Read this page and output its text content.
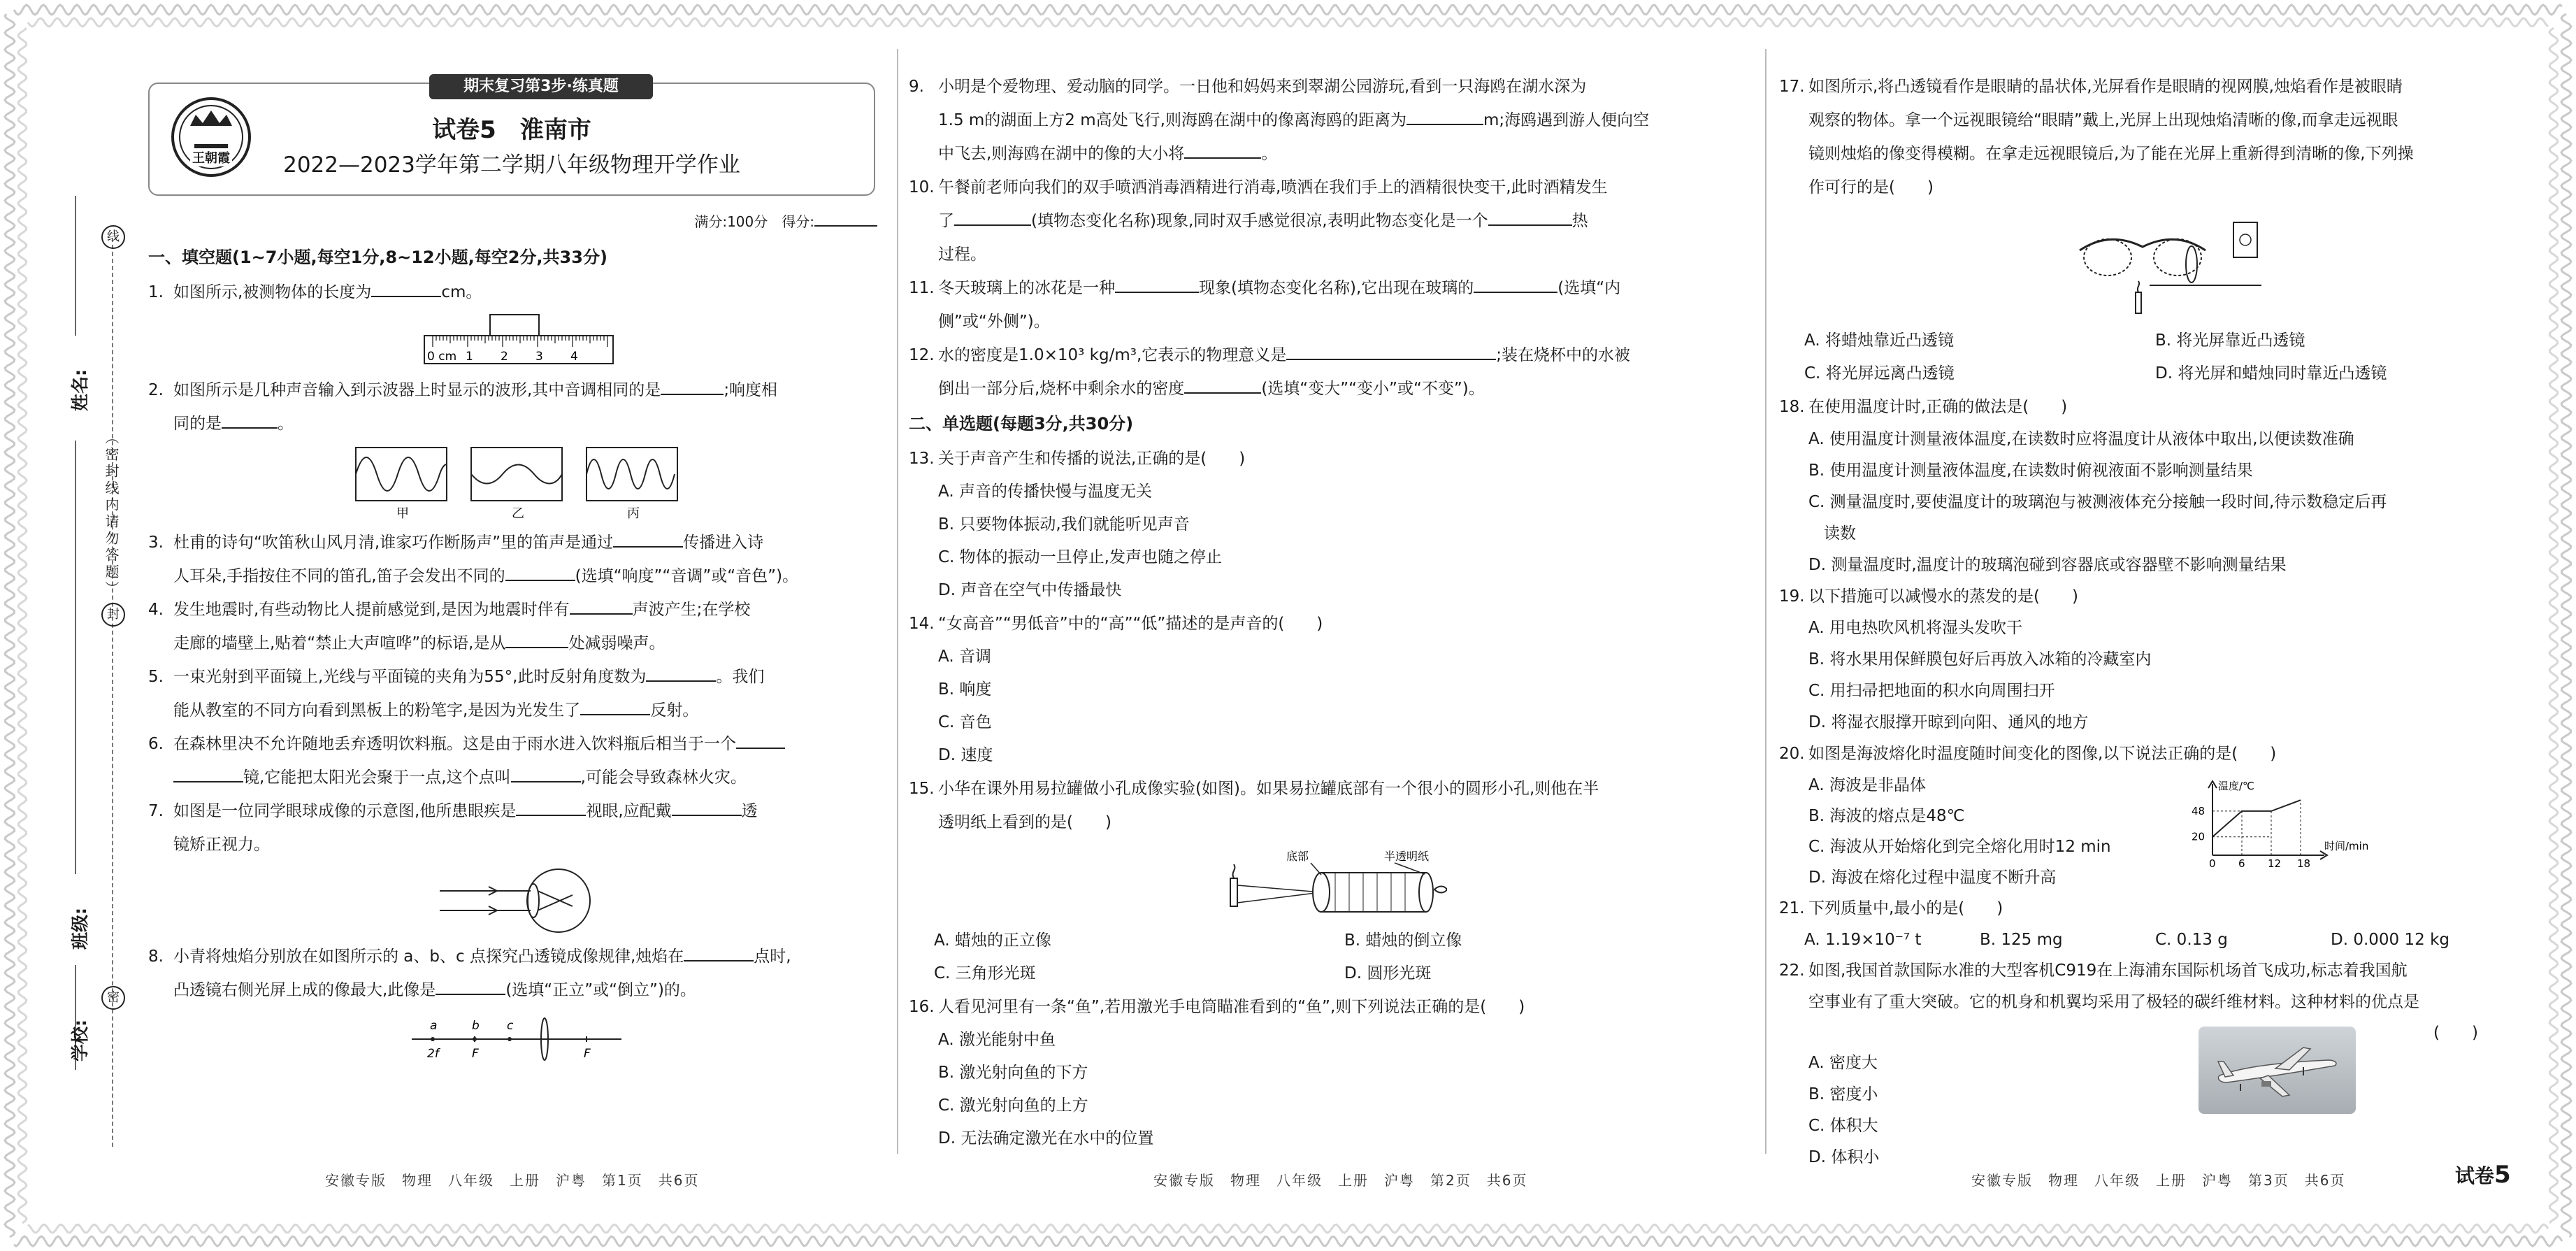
姓名:
班级:
学校:
线
（密封线内请勿答题）
封
密
王朝霞
期末复习第3步·练真题
试卷5　淮南市
2022—2023学年第二学期八年级物理开学作业
满分:100分　得分:
一、填空题(1~7小题,每空1分,8~12小题,每空2分,共33分)
1. 如图所示,被测物体的长度为	cm。
0 cm 1 2 3 4
2. 如图所示是几种声音输入到示波器上时显示的波形,其中音调相同的是	;响度相
同的是	。
甲	乙	丙
3. 杜甫的诗句“吹笛秋山风月清,谁家巧作断肠声”里的笛声是通过	传播进入诗
人耳朵,手指按住不同的笛孔,笛子会发出不同的	(选填“响度”“音调”或“音色”)。
4. 发生地震时,有些动物比人提前感觉到,是因为地震时伴有	声波产生;在学校
走廊的墙壁上,贴着“禁止大声喧哗”的标语,是从	处减弱噪声。
5. 一束光射到平面镜上,光线与平面镜的夹角为55°,此时反射角度数为	。我们
能从教室的不同方向看到黑板上的粉笔字,是因为光发生了	反射。
6. 在森林里决不允许随地丢弃透明饮料瓶。这是由于雨水进入饮料瓶后相当于一个
镜,它能把太阳光会聚于一点,这个点叫	,可能会导致森林火灾。
7. 如图是一位同学眼球成像的示意图,他所患眼疾是	视眼,应配戴	透
镜矫正视力。
8. 小青将烛焰分别放在如图所示的 a、b、c 点探究凸透镜成像规律,烛焰在	点时,
凸透镜右侧光屏上成的像最大,此像是	(选填“正立”或“倒立”)的。
a	b c
2f	F	F
9. 小明是个爱物理、爱动脑的同学。一日他和妈妈来到翠湖公园游玩,看到一只海鸥在湖水深为
1.5 m的湖面上方2 m高处飞行,则海鸥在湖中的像离海鸥的距离为	m;海鸥遇到游人便向空
中飞去,则海鸥在湖中的像的大小将	。
10. 午餐前老师向我们的双手喷洒消毒酒精进行消毒,喷洒在我们手上的酒精很快变干,此时酒精发生
了	(填物态变化名称)现象,同时双手感觉很凉,表明此物态变化是一个	热
过程。
11. 冬天玻璃上的冰花是一种	现象(填物态变化名称),它出现在玻璃的	(选填“内
侧”或“外侧”)。
12. 水的密度是1.0×10³ kg/m³,它表示的物理意义是	;装在烧杯中的水被
倒出一部分后,烧杯中剩余水的密度	(选填“变大”“变小”或“不变”)。
二、单选题(每题3分,共30分)
13. 关于声音产生和传播的说法,正确的是(　　)
A. 声音的传播快慢与温度无关
B. 只要物体振动,我们就能听见声音
C. 物体的振动一旦停止,发声也随之停止
D. 声音在空气中传播最快
14. “女高音”“男低音”中的“高”“低”描述的是声音的(　　)
A. 音调
B. 响度
C. 音色
D. 速度
15. 小华在课外用易拉罐做小孔成像实验(如图)。如果易拉罐底部有一个很小的圆形小孔,则他在半
透明纸上看到的是(　　)
底部	半透明纸
A. 蜡烛的正立像	B. 蜡烛的倒立像
C. 三角形光斑	D. 圆形光斑
16. 人看见河里有一条“鱼”,若用激光手电筒瞄准看到的“鱼”,则下列说法正确的是(　　)
A. 激光能射中鱼
B. 激光射向鱼的下方
C. 激光射向鱼的上方
D. 无法确定激光在水中的位置
17. 如图所示,将凸透镜看作是眼睛的晶状体,光屏看作是眼睛的视网膜,烛焰看作是被眼睛
观察的物体。拿一个远视眼镜给“眼睛”戴上,光屏上出现烛焰清晰的像,而拿走远视眼
镜则烛焰的像变得模糊。在拿走远视眼镜后,为了能在光屏上重新得到清晰的像,下列操
作可行的是(　　)
A. 将蜡烛靠近凸透镜	B. 将光屏靠近凸透镜
C. 将光屏远离凸透镜	D. 将光屏和蜡烛同时靠近凸透镜
18. 在使用温度计时,正确的做法是(　　)
A. 使用温度计测量液体温度,在读数时应将温度计从液体中取出,以便读数准确
B. 使用温度计测量液体温度,在读数时俯视液面不影响测量结果
C. 测量温度时,要使温度计的玻璃泡与被测液体充分接触一段时间,待示数稳定后再
读数
D. 测量温度时,温度计的玻璃泡碰到容器底或容器壁不影响测量结果
19. 以下措施可以减慢水的蒸发的是(　　)
A. 用电热吹风机将湿头发吹干
B. 将水果用保鲜膜包好后再放入冰箱的冷藏室内
C. 用扫帚把地面的积水向周围扫开
D. 将湿衣服撑开晾到向阳、通风的地方
20. 如图是海波熔化时温度随时间变化的图像,以下说法正确的是(　　)
A. 海波是非晶体
B. 海波的熔点是48℃
C. 海波从开始熔化到完全熔化用时12 min
D. 海波在熔化过程中温度不断升高
温度/℃
时间/min
0 6 12 18
20
48
21. 下列质量中,最小的是(　　)
A. 1.19×10⁻⁷ t	B. 125 mg	C. 0.13 g	D. 0.000 12 kg
22. 如图,我国首款国际水准的大型客机C919在上海浦东国际机场首飞成功,标志着我国航
空事业有了重大突破。它的机身和机翼均采用了极轻的碳纤维材料。这种材料的优点是
(　　)
A. 密度大
B. 密度小
C. 体积大
D. 体积小
安徽专版　物理　八年级　上册　沪粤　第1页　共6页	安徽专版　物理　八年级　上册　沪粤　第2页　共6页	安徽专版　物理　八年级　上册　沪粤　第3页　共6页	试卷5
